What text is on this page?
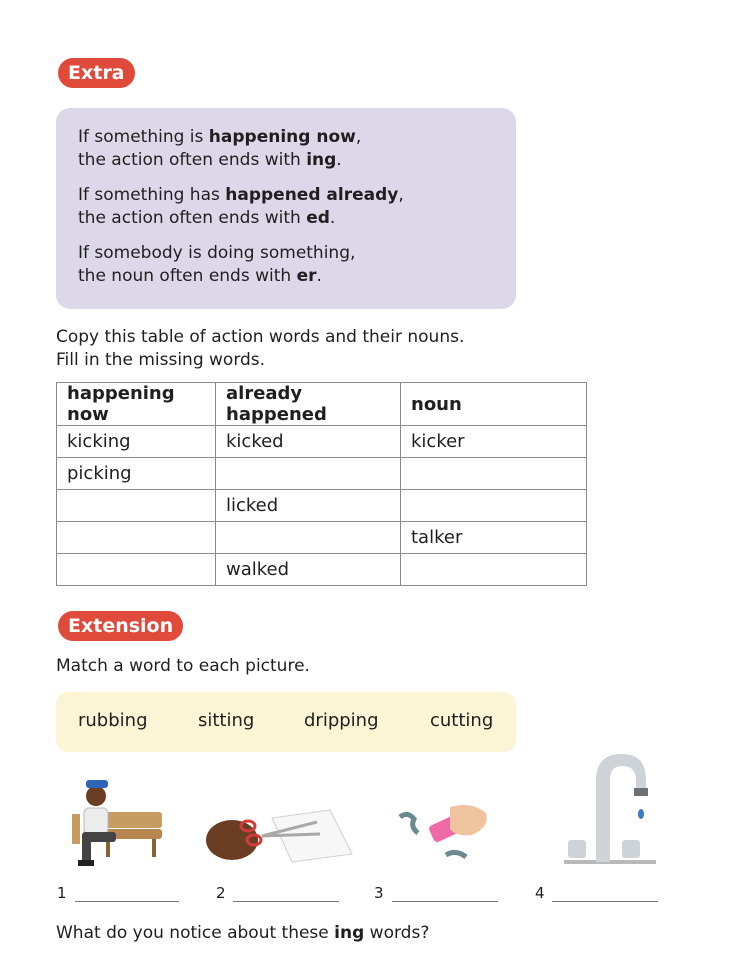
Extra
If something is happening now,
the action often ends with ing.
If something has happened already,
the action often ends with ed.
If somebody is doing something,
the noun often ends with er.
Copy this table of action words and their nouns.
Fill in the missing words.
happening now	already happened	noun
kicking	kicked	kicker
picking		
	licked	
		talker
	walked	
Extension
Match a word to each picture.
rubbing	sitting	dripping	cutting
1	2	3	4
What do you notice about these ing words?
